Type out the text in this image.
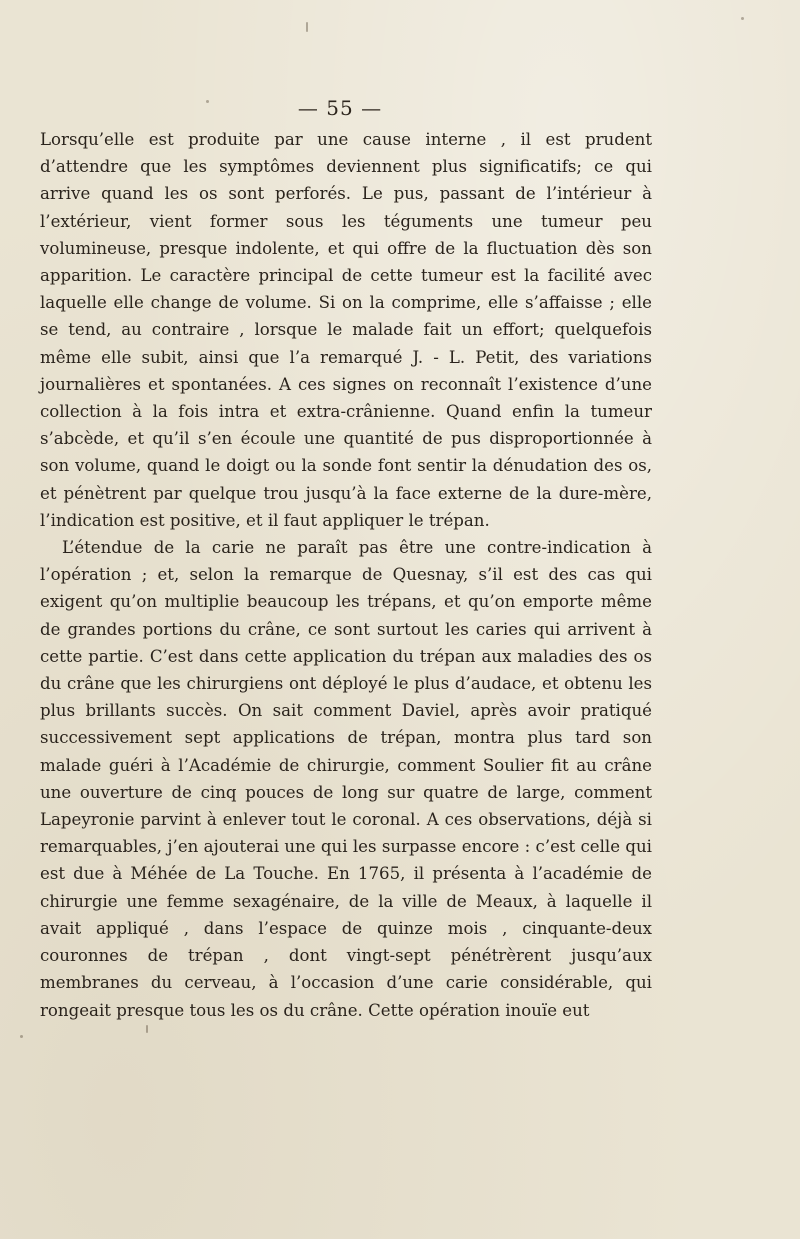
— 55 —

Lorsqu’elle est produite par une cause interne , il est prudent d’attendre que les symptômes deviennent plus significatifs; ce qui arrive quand les os sont perforés. Le pus, passant de l’intérieur à l’extérieur, vient former sous les téguments une tumeur peu volumineuse, presque indolente, et qui offre de la fluctuation dès son apparition. Le caractère principal de cette tumeur est la facilité avec laquelle elle change de volume. Si on la comprime, elle s’affaisse ; elle se tend, au contraire , lorsque le malade fait un effort; quelquefois même elle subit, ainsi que l’a remarqué J. - L. Petit, des variations journalières et spontanées. A ces signes on reconnaît l’existence d’une collection à la fois intra et extra-crânienne. Quand enfin la tumeur s’abcède, et qu’il s’en écoule une quantité de pus disproportionnée à son volume, quand le doigt ou la sonde font sentir la dénudation des os, et pénètrent par quelque trou jusqu’à la face externe de la dure-mère, l’indication est positive, et il faut appliquer le trépan.

L’étendue de la carie ne paraît pas être une contre-indication à l’opération ; et, selon la remarque de Quesnay, s’il est des cas qui exigent qu’on multiplie beaucoup les trépans, et qu’on emporte même de grandes portions du crâne, ce sont surtout les caries qui arrivent à cette partie. C’est dans cette application du trépan aux maladies des os du crâne que les chirurgiens ont déployé le plus d’audace, et obtenu les plus brillants succès. On sait comment Daviel, après avoir pratiqué successivement sept applications de trépan, montra plus tard son malade guéri à l’Académie de chirurgie, comment Soulier fit au crâne une ouverture de cinq pouces de long sur quatre de large, comment Lapeyronie parvint à enlever tout le coronal. A ces observations, déjà si remarquables, j’en ajouterai une qui les surpasse encore : c’est celle qui est due à Méhée de La Touche. En 1765, il présenta à l’académie de chirurgie une femme sexagénaire, de la ville de Meaux, à laquelle il avait appliqué , dans l’espace de quinze mois , cinquante-deux couronnes de trépan , dont vingt-sept pénétrèrent jusqu’aux membranes du cerveau, à l’occasion d’une carie considérable, qui rongeait presque tous les os du crâne. Cette opération inouïe eut
